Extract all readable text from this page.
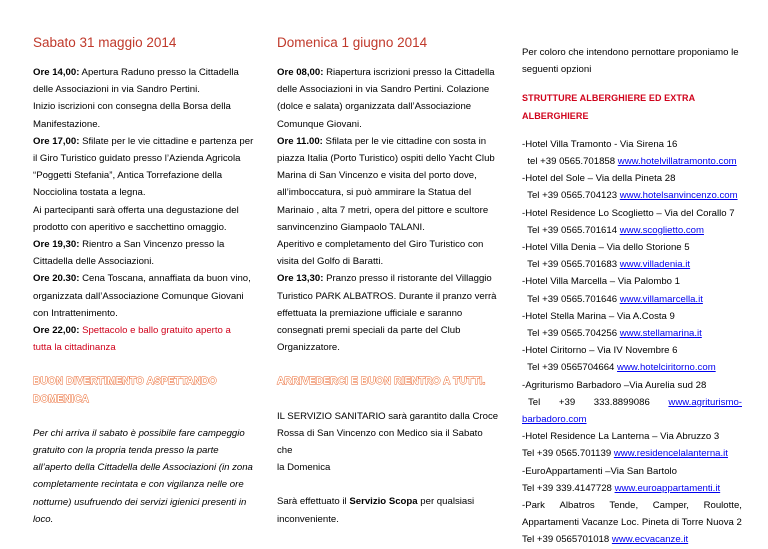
Sabato 31 maggio 2014

Ore 14,00: Apertura Raduno presso la Cittadella

delle Associazioni in via Sandro Pertini.

Inizio iscrizioni con consegna della Borsa della

Manifestazione.

Ore 17,00: Sfilate per le vie cittadine e partenza per

il Giro Turistico guidato presso l’Azienda Agricola

“Poggetti Stefania”, Antica Torrefazione della

Nocciolina tostata a legna.

Ai partecipanti sarà offerta una degustazione del

prodotto con aperitivo e sacchettino omaggio.

Ore 19,30: Rientro a San Vincenzo presso la

Cittadella delle Associazioni.

Ore 20.30: Cena Toscana, annaffiata da buon vino,

organizzata dall’Associazione Comunque Giovani

con Intrattenimento.

Ore 22,00: Spettacolo e ballo gratuito aperto a

tutta la cittadinanza

BUON DIVERTIMENTO ASPETTANDO DOMENICA

Per chi arriva il sabato è possibile fare campeggio

gratuito con la propria tenda presso la parte

all’aperto della Cittadella delle Associazioni (in zona

completamente recintata e con vigilanza nelle ore

notturne) usufruendo dei servizi igienici presenti in

loco.

Domenica 1 giugno 2014

Ore 08,00: Riapertura iscrizioni presso la Cittadella

delle Associazioni in via Sandro Pertini. Colazione

(dolce e salata) organizzata dall’Associazione

Comunque Giovani.

Ore 11.00: Sfilata per le vie cittadine con sosta in

piazza Italia (Porto Turistico) ospiti dello Yacht Club

Marina di San Vincenzo e visita del porto dove,

all’imboccatura, si può ammirare la Statua del

Marinaio , alta 7 metri, opera del pittore e scultore

sanvincenzino Giampaolo TALANI.

Aperitivo e completamento del Giro Turistico con

visita del Golfo di Baratti.

Ore 13,30: Pranzo presso il ristorante del Villaggio

Turistico PARK ALBATROS. Durante il pranzo verrà

effettuata la premiazione ufficiale e saranno

consegnati premi speciali da parte del Club

Organizzatore.

ARRIVEDERCI E BUON RIENTRO A TUTTI.

IL SERVIZIO SANITARIO sarà garantito dalla Croce

Rossa di San Vincenzo con Medico sia il Sabato che

la Domenica

Sarà effettuato il Servizio Scopa per qualsiasi

inconveniente.

Per coloro che intendono pernottare proponiamo le

seguenti opzioni

STRUTTURE ALBERGHIERE ED EXTRA ALBERGHIERE

-Hotel Villa Tramonto - Via Sirena 16

tel +39 0565.701858 www.hotelvillatramonto.com

-Hotel del Sole – Via della Pineta 28

Tel +39 0565.704123 www.hotelsanvincenzo.com

-Hotel Residence Lo Scoglietto – Via del Corallo 7

Tel +39 0565.701614 www.scoglietto.com

-Hotel Villa Denia – Via dello Storione 5

Tel +39 0565.701683 www.villadenia.it

-Hotel Villa Marcella – Via Palombo 1

Tel +39 0565.701646 www.villamarcella.it

-Hotel Stella Marina – Via A.Costa 9

Tel +39 0565.704256 www.stellamarina.it

-Hotel Ciritorno – Via IV Novembre 6

Tel +39 0565704664 www.hotelciritorno.com

-Agriturismo Barbadoro –Via Aurelia sud 28

Tel +39 333.8899086 www.agriturismo-

barbadoro.com

-Hotel Residence La Lanterna – Via Abruzzo 3

Tel +39 0565.701139 www.residencelalanterna.it

-EuroAppartamenti –Via San Bartolo

Tel +39 339.4147728 www.euroappartamenti.it

-Park Albatros Tende, Camper, Roulotte,

Appartamenti Vacanze Loc. Pineta di Torre Nuova 2

Tel +39 0565701018 www.ecvacanze.it
